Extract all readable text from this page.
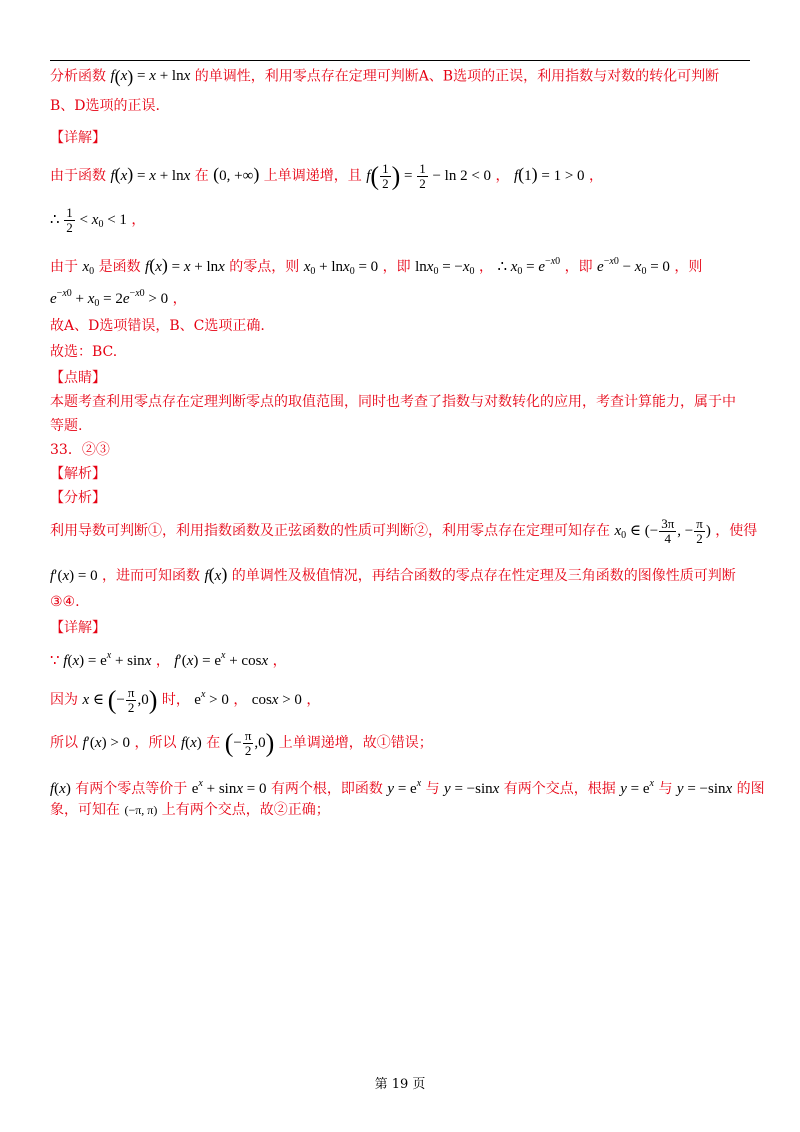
分析函数 f(x) = x + lnx 的单调性，利用零点存在定理可判断A、B选项的正误，利用指数与对数的转化可判断
B、D选项的正误.
【详解】
由于函数 f(x) = x + lnx 在 (0, +∞) 上单调递增，且 $f( \frac{1}{2}$ ) = $\frac{1}{2} - \ln 2 < 0$ ， f(1) = 1 > 0 ，
∴ $\frac{1}{2} < x_0 < 1$ ，
由于 $x_0$ 是函数 f(x) = x + lnx 的零点，则 $x_0 + \ln x_0 = 0$ ，即 $\ln x_0 = -x_0$ ， ∴ $x_0 = e^{-x0}$ ，即 $e^{-x0} - x_0 = 0$ ，则
$e^{-x0} + x_0 = 2e^{-x0} > 0$ ，
故A、D选项错误，B、C选项正确.
故选：BC.
【点睛】
本题考查利用零点存在定理判断零点的取值范围，同时也考查了指数与对数转化的应用，考查计算能力，属于中
等题.
33．②③
【解析】
【分析】
利用导数可判断①，利用指数函数及正弦函数的性质可判断②，利用零点存在定理可知存在 $x_0$ ∈ (− $\frac{3\pi}{4}$ , − $\frac{\pi}{2}$ ) ，使得
f′(x) = 0 ，进而可知函数 f(x) 的单调性及极值情况，再结合函数的零点存在性定理及三角函数的图像性质可判断
③④.
【详解】
∵ $f(x) = e^x + \sin x$ ， $f'(x) = e^x + \cos x$ ，
因为 x ∈ (− $\frac{\pi}{2} ,0$) 时， $e^x > 0$ ， cosx > 0 ，
所以 f′(x) > 0 ，所以 f(x) 在 (− $\frac{\pi}{2} ,0$) 上单调递增，故①错误；
f(x) 有两个零点等价于 $e^x + \sin x = 0$ 有两个根，即函数 $y = e^x$ 与 y = −sinx 有两个交点，根据 $y = e^x$ 与 y = −sinx 的图
象，可知在 (−π, π) 上有两个交点，故②正确；
第 19 页
